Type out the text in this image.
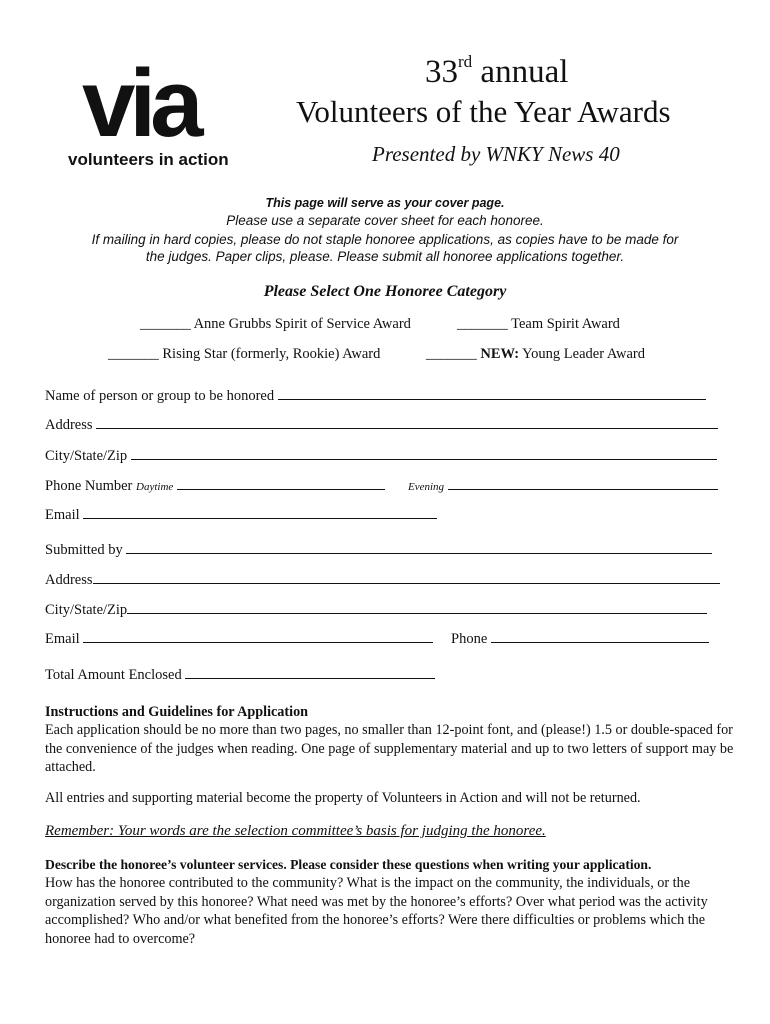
via
volunteers in action
33rd annual
Volunteers of the Year Awards
Presented by WNKY News 40
This page will serve as your cover page.
Please use a separate cover sheet for each honoree.
If mailing in hard copies, please do not staple honoree applications, as copies have to be made for
the judges. Paper clips, please. Please submit all honoree applications together.
Please Select One Honoree Category
_______ Anne Grubbs Spirit of Service Award	_______ Team Spirit Award
_______ Rising Star (formerly, Rookie) Award	_______ NEW: Young Leader Award
Name of person or group to be honored
Address
City/State/Zip
Phone Number Daytime	Evening
Email
Submitted by
Address
City/State/Zip
Email	Phone
Total Amount Enclosed
Instructions and Guidelines for Application
Each application should be no more than two pages, no smaller than 12-point font, and (please!) 1.5 or double-spaced for the convenience of the judges when reading. One page of supplementary material and up to two letters of support may be attached.
All entries and supporting material become the property of Volunteers in Action and will not be returned.
Remember: Your words are the selection committee’s basis for judging the honoree.
Describe the honoree’s volunteer services. Please consider these questions when writing your application.
How has the honoree contributed to the community? What is the impact on the community, the individuals, or the organization served by this honoree? What need was met by the honoree’s efforts? Over what period was the activity accomplished? Who and/or what benefited from the honoree’s efforts? Were there difficulties or problems which the honoree had to overcome?
